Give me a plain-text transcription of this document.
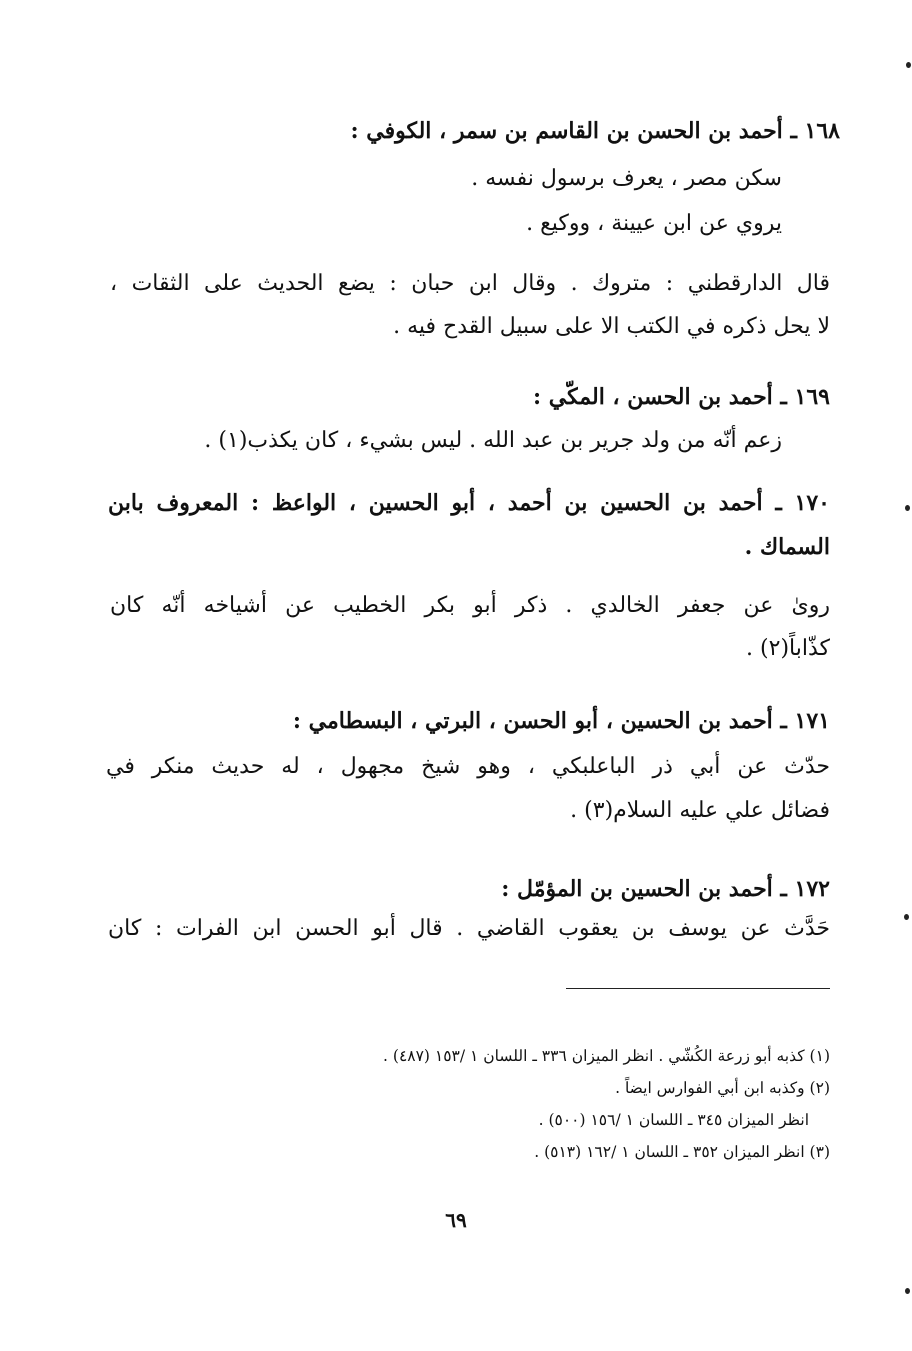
١٦٨ ـ أحمد بن الحسن بن القاسم بن سمر ، الكوفي :
سكن مصر ، يعرف برسول نفسه .
يروي عن ابن عيينة ، ووكيع .
قال الدارقطني : متروك . وقال ابن حبان : يضع الحديث على الثقات ،
لا يحل ذكره في الكتب الا على سبيل القدح فيه .
١٦٩ ـ أحمد بن الحسن ، المكّي :
زعم أنّه من ولد جرير بن عبد الله . ليس بشيء ، كان يكذب(١) .
١٧٠ ـ أحمد بن الحسين بن أحمد ، أبو الحسين ، الواعظ : المعروف بابن
السماك .
روىٰ عن جعفر الخالدي . ذكر أبو بكر الخطيب عن أشياخه أنّه كان
كذّاباً(٢) .
١٧١ ـ أحمد بن الحسين ، أبو الحسن ، البرتي ، البسطامي :
حدّث عن أبي ذر الباعلبكي ، وهو شيخ مجهول ، له حديث منكر في
فضائل علي عليه السلام(٣) .
١٧٢ ـ أحمد بن الحسين بن المؤمّل :
حَدَّث عن يوسف بن يعقوب القاضي . قال أبو الحسن ابن الفرات : كان
(١) كذبه أبو زرعة الكُشّي . انظر الميزان ٣٣٦ ـ اللسان ١ /١٥٣ (٤٨٧) .
(٢) وكذبه ابن أبي الفوارس ايضاً .
انظر الميزان ٣٤٥ ـ اللسان ١ /١٥٦ (٥٠٠) .
(٣) انظر الميزان ٣٥٢ ـ اللسان ١ /١٦٢ (٥١٣) .
٦٩
